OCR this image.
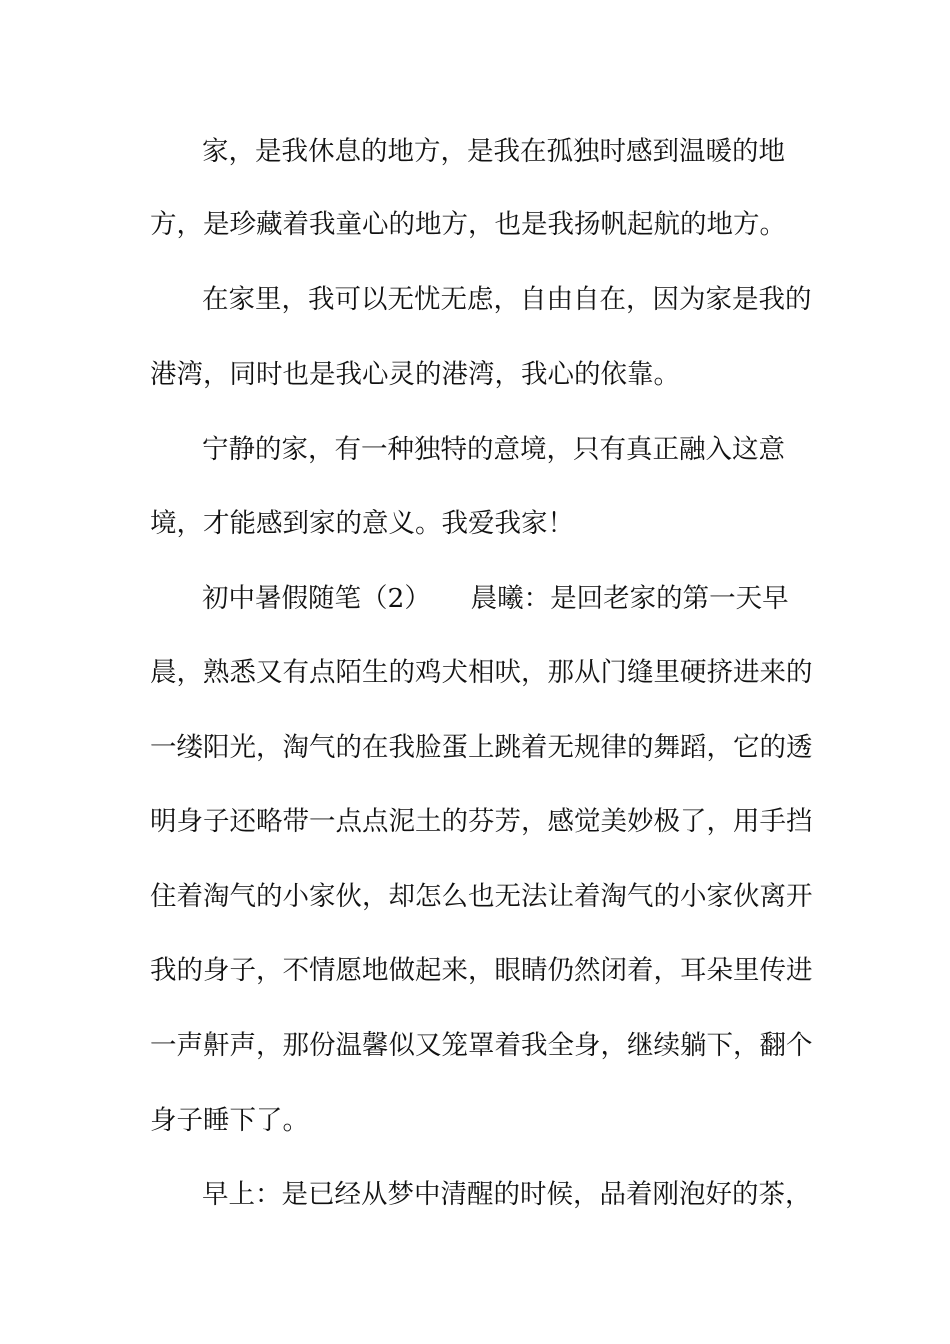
家，是我休息的地方，是我在孤独时感到温暖的地
方，是珍藏着我童心的地方，也是我扬帆起航的地方。
在家里，我可以无忧无虑，自由自在，因为家是我的
港湾，同时也是我心灵的港湾，我心的依靠。
宁静的家，有一种独特的意境，只有真正融入这意
境，才能感到家的意义。我爱我家！
初中暑假随笔（2）　　晨曦：是回老家的第一天早
晨，熟悉又有点陌生的鸡犬相吠，那从门缝里硬挤进来的
一缕阳光，淘气的在我脸蛋上跳着无规律的舞蹈，它的透
明身子还略带一点点泥土的芬芳，感觉美妙极了，用手挡
住着淘气的小家伙，却怎么也无法让着淘气的小家伙离开
我的身子，不情愿地做起来，眼睛仍然闭着，耳朵里传进
一声鼾声，那份温馨似又笼罩着我全身，继续躺下，翻个
身子睡下了。
早上：是已经从梦中清醒的时候，品着刚泡好的茶，
